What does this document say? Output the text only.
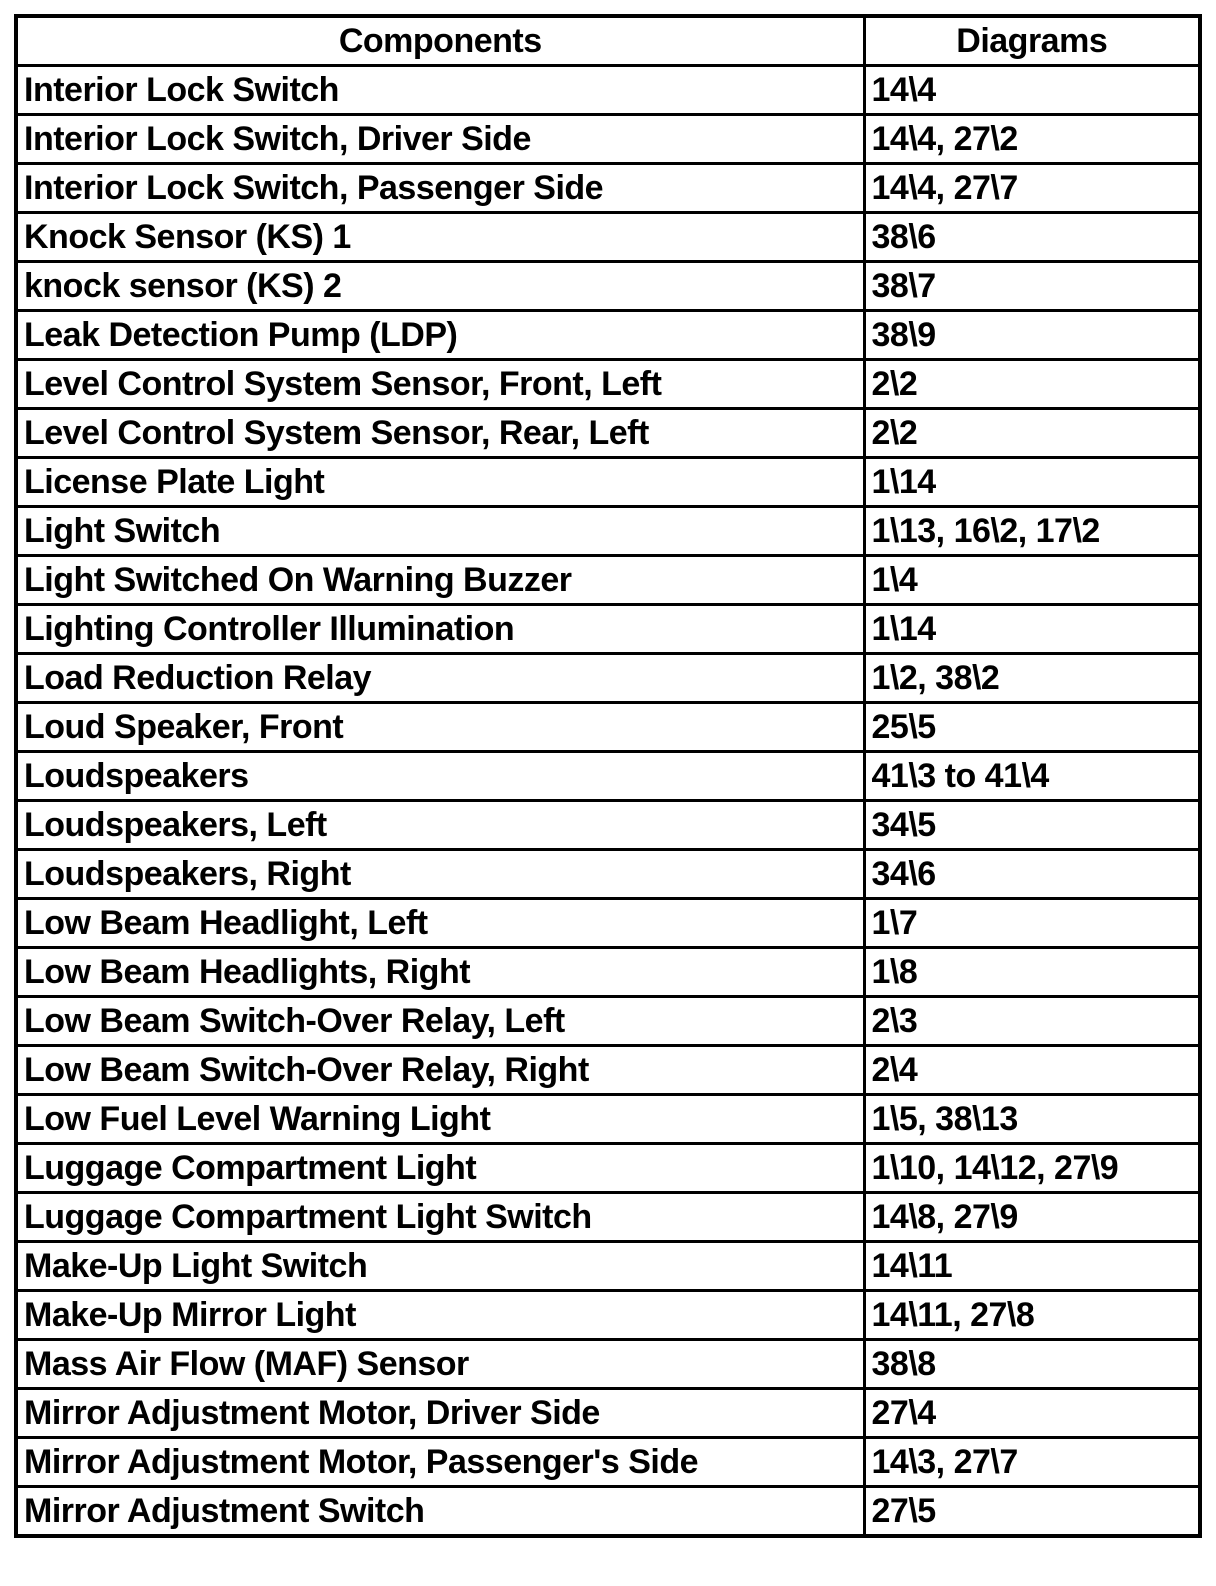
Components	Diagrams
Interior Lock Switch	14\4
Interior Lock Switch, Driver Side	14\4, 27\2
Interior Lock Switch, Passenger Side	14\4, 27\7
Knock Sensor (KS) 1	38\6
knock sensor (KS) 2	38\7
Leak Detection Pump (LDP)	38\9
Level Control System Sensor, Front, Left	2\2
Level Control System Sensor, Rear, Left	2\2
License Plate Light	1\14
Light Switch	1\13, 16\2, 17\2
Light Switched On Warning Buzzer	1\4
Lighting Controller Illumination	1\14
Load Reduction Relay	1\2, 38\2
Loud Speaker, Front	25\5
Loudspeakers	41\3 to 41\4
Loudspeakers, Left	34\5
Loudspeakers, Right	34\6
Low Beam Headlight, Left	1\7
Low Beam Headlights, Right	1\8
Low Beam Switch-Over Relay, Left	2\3
Low Beam Switch-Over Relay, Right	2\4
Low Fuel Level Warning Light	1\5, 38\13
Luggage Compartment Light	1\10, 14\12, 27\9
Luggage Compartment Light Switch	14\8, 27\9
Make-Up Light Switch	14\11
Make-Up Mirror Light	14\11, 27\8
Mass Air Flow (MAF) Sensor	38\8
Mirror Adjustment Motor, Driver Side	27\4
Mirror Adjustment Motor, Passenger's Side	14\3, 27\7
Mirror Adjustment Switch	27\5
